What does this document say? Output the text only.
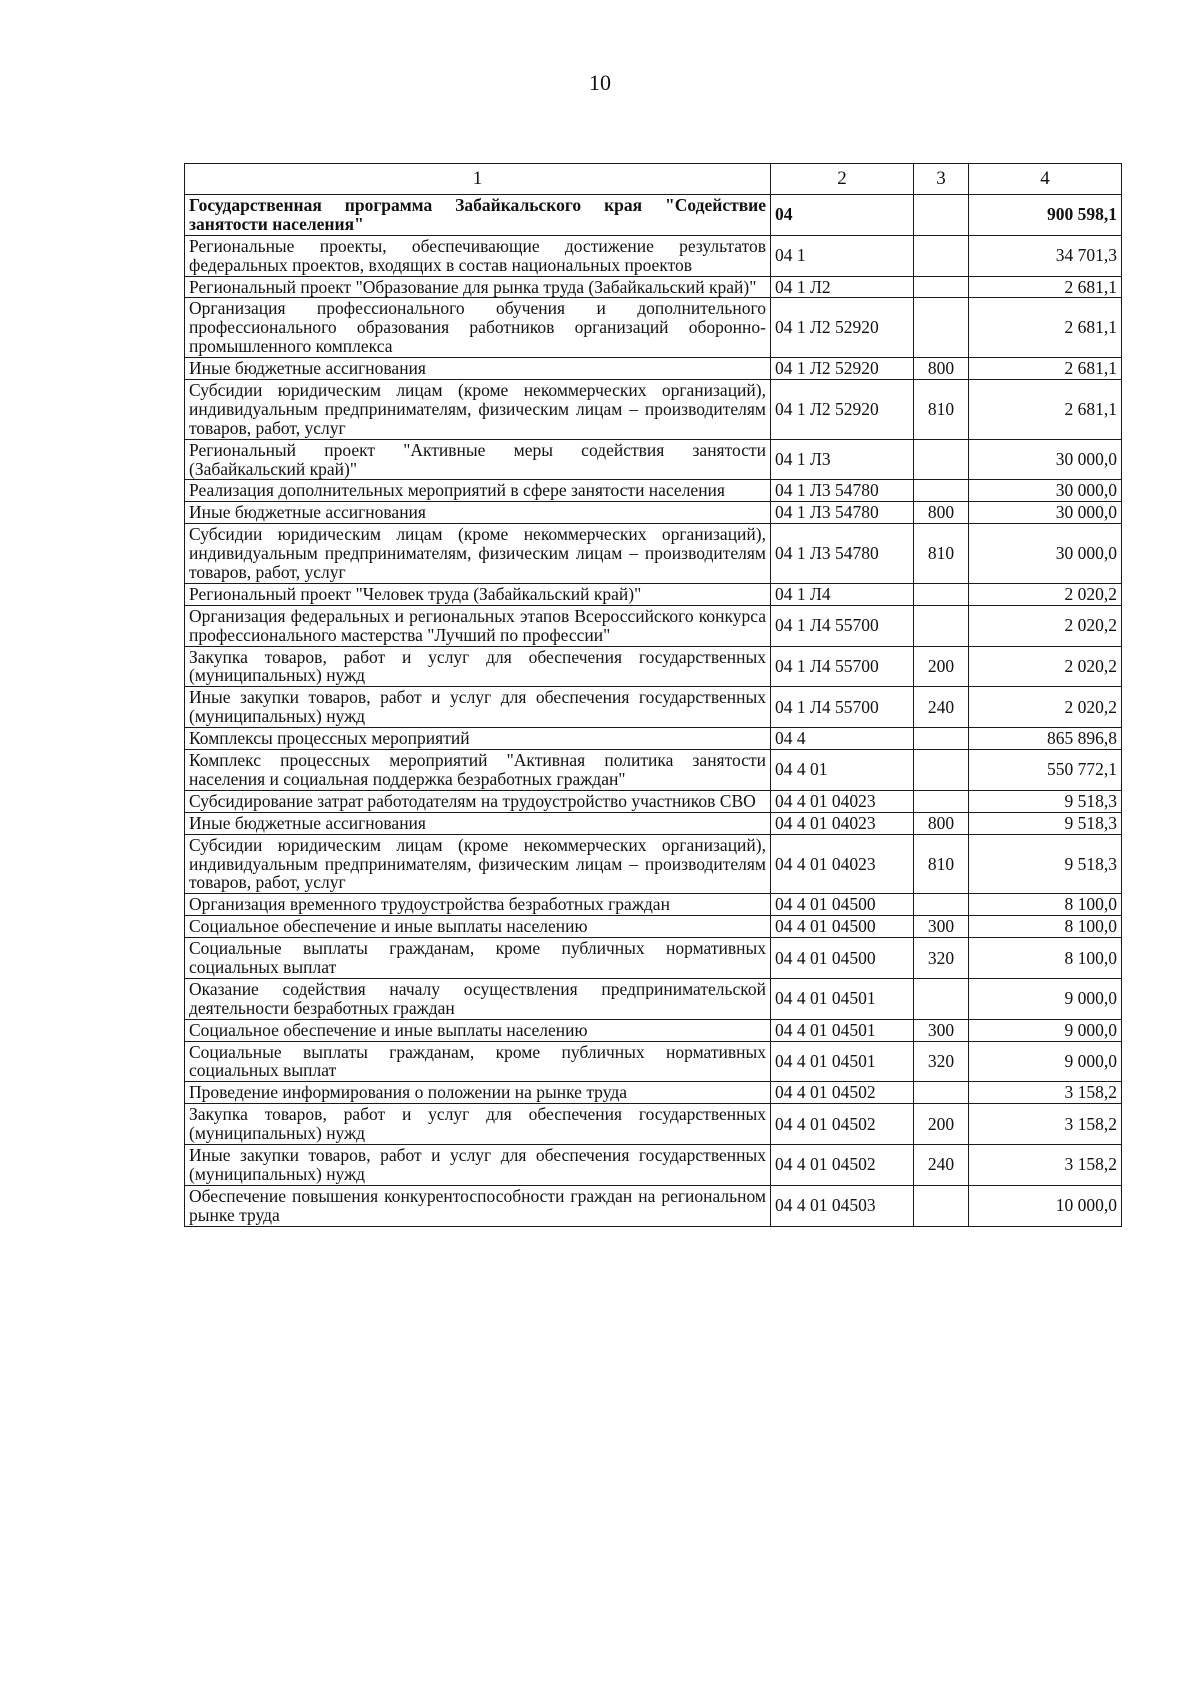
10
1	2	3	4
Государственная программа Забайкальского края "Содействие занятости населения"	04		900 598,1
Региональные проекты, обеспечивающие достижение результатов федеральных проектов, входящих в состав национальных проектов	04 1		34 701,3
Региональный проект "Образование для рынка труда (Забайкальский край)"	04 1 Л2		2 681,1
Организация профессионального обучения и дополнительного профессионального образования работников организаций оборонно-промышленного комплекса	04 1 Л2 52920		2 681,1
Иные бюджетные ассигнования	04 1 Л2 52920	800	2 681,1
Субсидии юридическим лицам (кроме некоммерческих организаций), индивидуальным предпринимателям, физическим лицам – производителям товаров, работ, услуг	04 1 Л2 52920	810	2 681,1
Региональный проект "Активные меры содействия занятости (Забайкальский край)"	04 1 Л3		30 000,0
Реализация дополнительных мероприятий в сфере занятости населения	04 1 Л3 54780		30 000,0
Иные бюджетные ассигнования	04 1 Л3 54780	800	30 000,0
Субсидии юридическим лицам (кроме некоммерческих организаций), индивидуальным предпринимателям, физическим лицам – производителям товаров, работ, услуг	04 1 Л3 54780	810	30 000,0
Региональный проект "Человек труда (Забайкальский край)"	04 1 Л4		2 020,2
Организация федеральных и региональных этапов Всероссийского конкурса профессионального мастерства "Лучший по профессии"	04 1 Л4 55700		2 020,2
Закупка товаров, работ и услуг для обеспечения государственных (муниципальных) нужд	04 1 Л4 55700	200	2 020,2
Иные закупки товаров, работ и услуг для обеспечения государственных (муниципальных) нужд	04 1 Л4 55700	240	2 020,2
Комплексы процессных мероприятий	04 4		865 896,8
Комплекс процессных мероприятий "Активная политика занятости населения и социальная поддержка безработных граждан"	04 4 01		550 772,1
Субсидирование затрат работодателям на трудоустройство участников СВО	04 4 01 04023		9 518,3
Иные бюджетные ассигнования	04 4 01 04023	800	9 518,3
Субсидии юридическим лицам (кроме некоммерческих организаций), индивидуальным предпринимателям, физическим лицам – производителям товаров, работ, услуг	04 4 01 04023	810	9 518,3
Организация временного трудоустройства безработных граждан	04 4 01 04500		8 100,0
Социальное обеспечение и иные выплаты населению	04 4 01 04500	300	8 100,0
Социальные выплаты гражданам, кроме публичных нормативных социальных выплат	04 4 01 04500	320	8 100,0
Оказание содействия началу осуществления предпринимательской деятельности безработных граждан	04 4 01 04501		9 000,0
Социальное обеспечение и иные выплаты населению	04 4 01 04501	300	9 000,0
Социальные выплаты гражданам, кроме публичных нормативных социальных выплат	04 4 01 04501	320	9 000,0
Проведение информирования о положении на рынке труда	04 4 01 04502		3 158,2
Закупка товаров, работ и услуг для обеспечения государственных (муниципальных) нужд	04 4 01 04502	200	3 158,2
Иные закупки товаров, работ и услуг для обеспечения государственных (муниципальных) нужд	04 4 01 04502	240	3 158,2
Обеспечение повышения конкурентоспособности граждан на региональном рынке труда	04 4 01 04503		10 000,0
